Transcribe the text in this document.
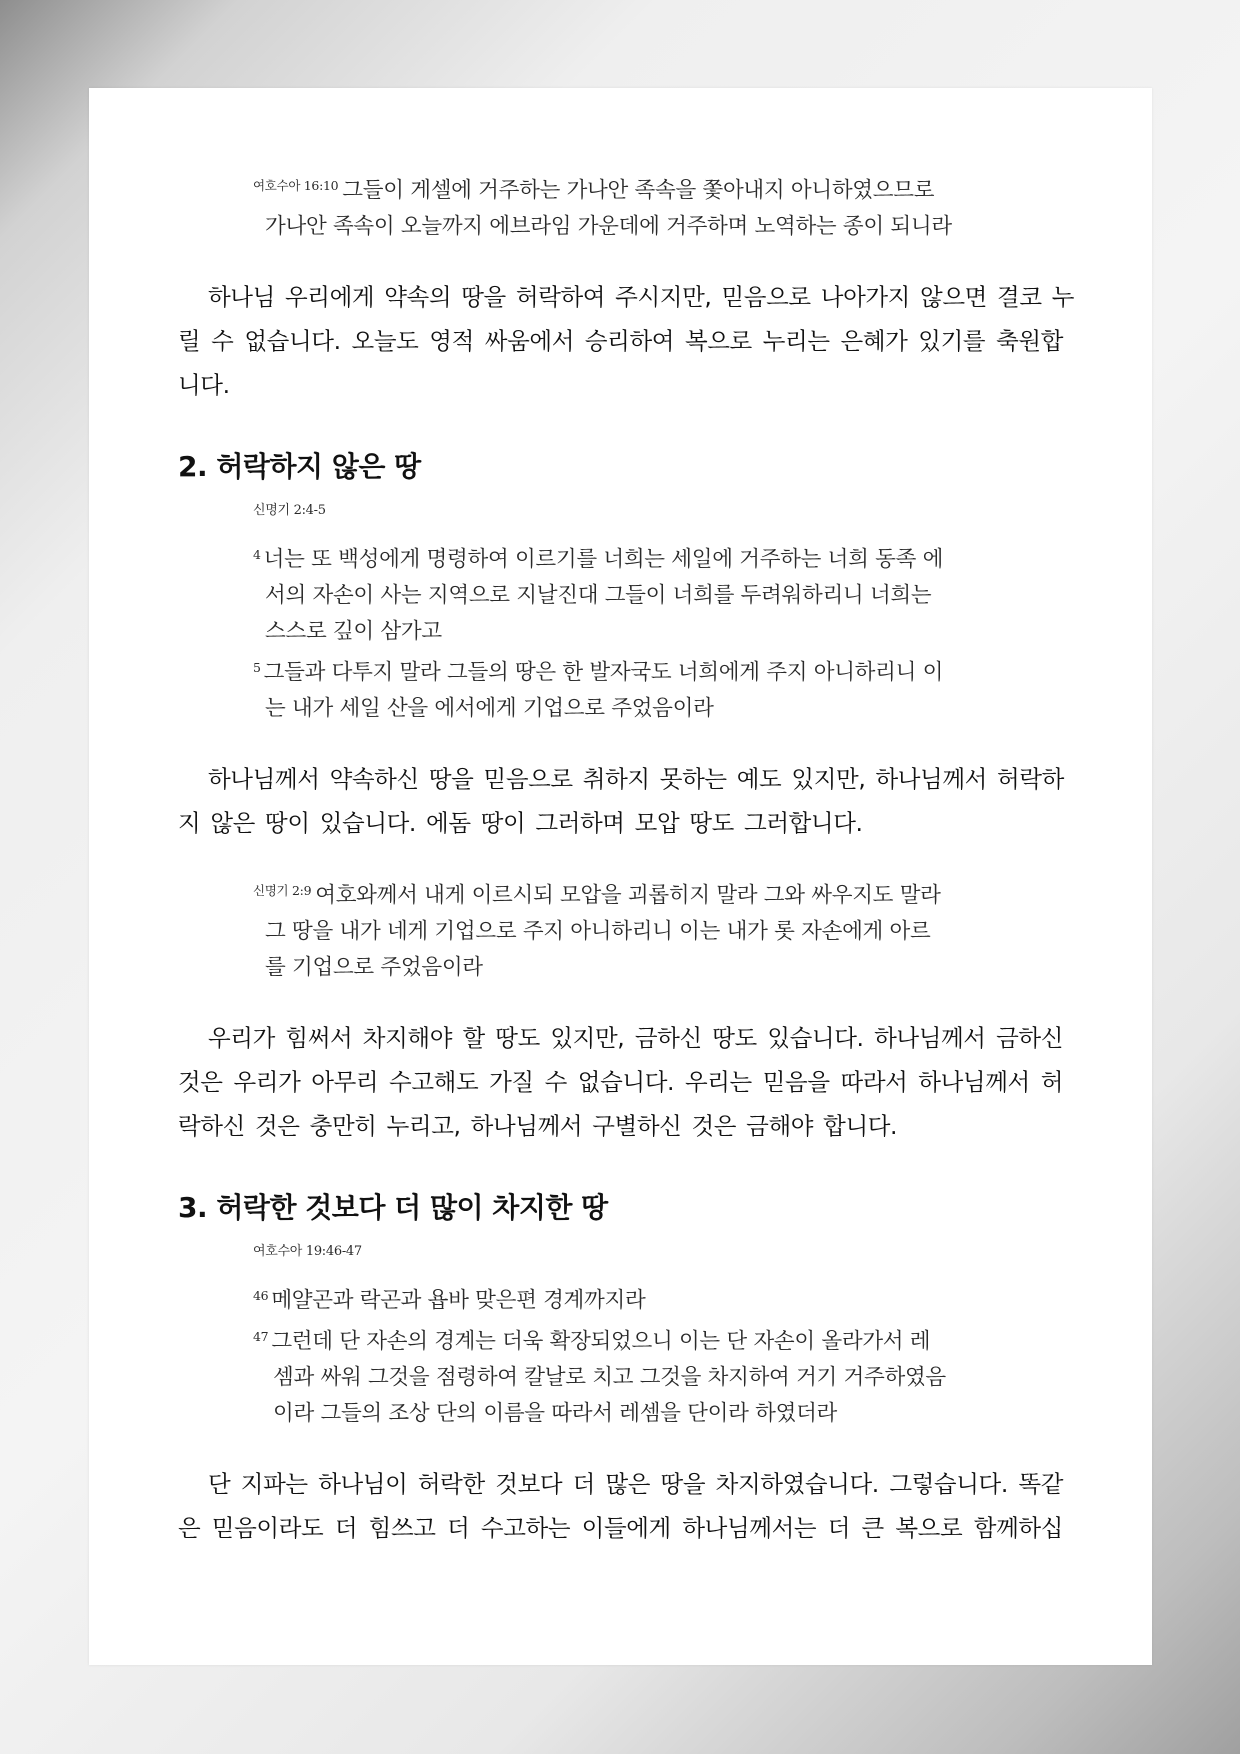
$^{여호수아 16:10}$ 그들이 게셀에 거주하는 가나안 족속을 쫓아내지 아니하였으므로
가나안 족속이 오늘까지 에브라임 가운데에 거주하며 노역하는 종이 되니라
하나님 우리에게 약속의 땅을 허락하여 주시지만, 믿음으로 나아가지 않으면 결코 누
릴 수 없습니다. 오늘도 영적 싸움에서 승리하여 복으로 누리는 은혜가 있기를 축원합
니다.
2. 허락하지 않은 땅
신명기 2:4-5
$^4$ 너는 또 백성에게 명령하여 이르기를 너희는 세일에 거주하는 너희 동족 에
서의 자손이 사는 지역으로 지날진대 그들이 너희를 두려워하리니 너희는
스스로 깊이 삼가고
$^5$ 그들과 다투지 말라 그들의 땅은 한 발자국도 너희에게 주지 아니하리니 이
는 내가 세일 산을 에서에게 기업으로 주었음이라
하나님께서 약속하신 땅을 믿음으로 취하지 못하는 예도 있지만, 하나님께서 허락하
지 않은 땅이 있습니다. 에돔 땅이 그러하며 모압 땅도 그러합니다.
$^{신명기 2:9}$ 여호와께서 내게 이르시되 모압을 괴롭히지 말라 그와 싸우지도 말라
그 땅을 내가 네게 기업으로 주지 아니하리니 이는 내가 롯 자손에게 아르
를 기업으로 주었음이라
우리가 힘써서 차지해야 할 땅도 있지만, 금하신 땅도 있습니다. 하나님께서 금하신
것은 우리가 아무리 수고해도 가질 수 없습니다. 우리는 믿음을 따라서 하나님께서 허
락하신 것은 충만히 누리고, 하나님께서 구별하신 것은 금해야 합니다.
3. 허락한 것보다 더 많이 차지한 땅
여호수아 19:46-47
$^{46}$ 메얄곤과 락곤과 욥바 맞은편 경계까지라
$^{47}$ 그런데 단 자손의 경계는 더욱 확장되었으니 이는 단 자손이 올라가서 레
셈과 싸워 그것을 점령하여 칼날로 치고 그것을 차지하여 거기 거주하였음
이라 그들의 조상 단의 이름을 따라서 레셈을 단이라 하였더라
단 지파는 하나님이 허락한 것보다 더 많은 땅을 차지하였습니다. 그렇습니다. 똑같
은 믿음이라도 더 힘쓰고 더 수고하는 이들에게 하나님께서는 더 큰 복으로 함께하십
